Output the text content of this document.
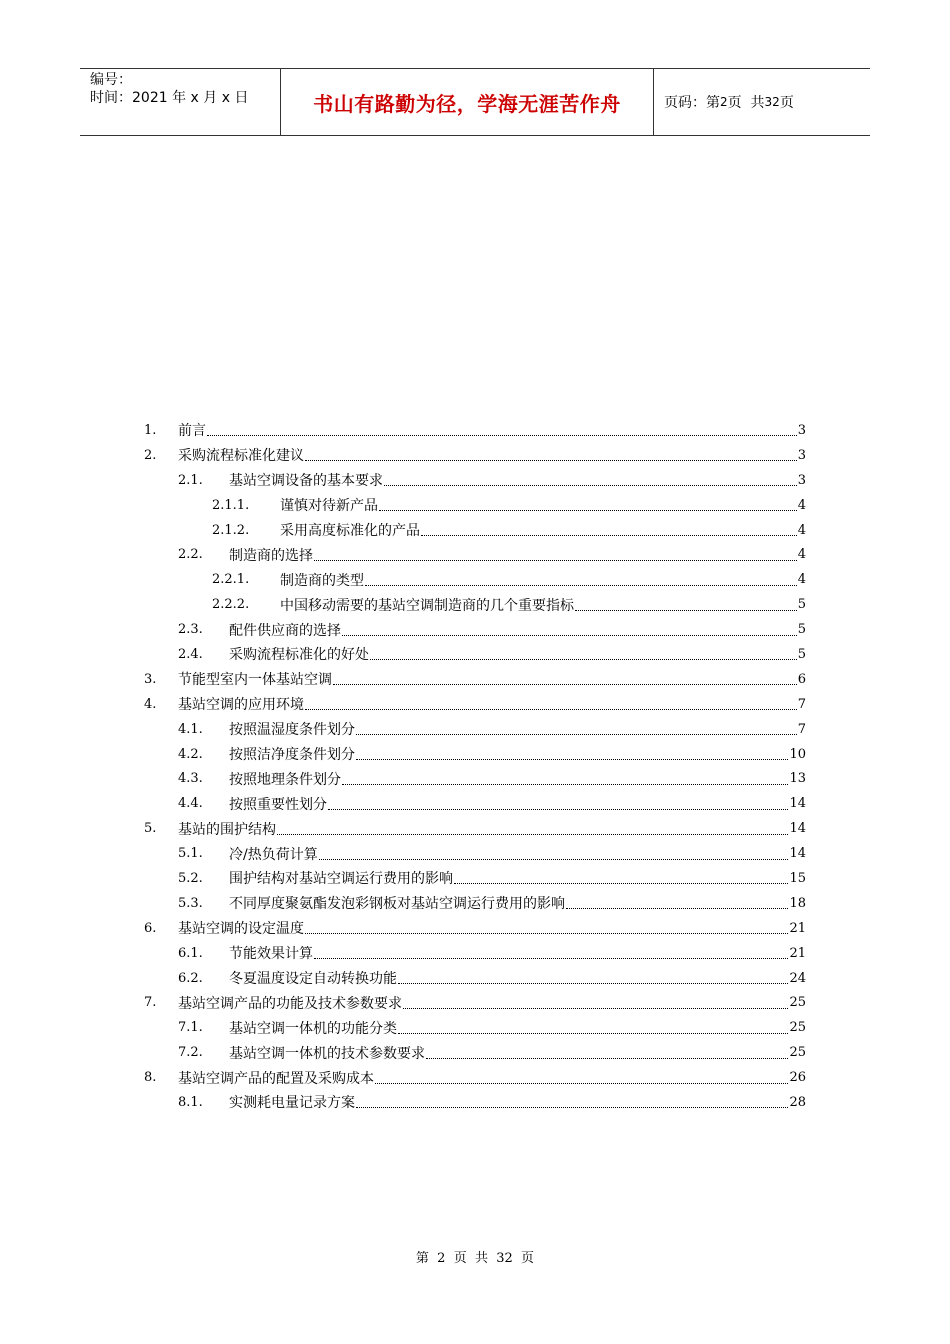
编号：
时间：2021 年 x 月 x 日	书山有路勤为径，学海无涯苦作舟	页码：第 2 页  共 32 页
1.	前言	3
2.	采购流程标准化建议	3
2.1.	基站空调设备的基本要求	3
2.1.1.	谨慎对待新产品	4
2.1.2.	采用高度标准化的产品	4
2.2.	制造商的选择	4
2.2.1.	制造商的类型	4
2.2.2.	中国移动需要的基站空调制造商的几个重要指标	5
2.3.	配件供应商的选择	5
2.4.	采购流程标准化的好处	5
3.	节能型室内一体基站空调	6
4.	基站空调的应用环境	7
4.1.	按照温湿度条件划分	7
4.2.	按照洁净度条件划分	10
4.3.	按照地理条件划分	13
4.4.	按照重要性划分	14
5.	基站的围护结构	14
5.1.	冷/热负荷计算	14
5.2.	围护结构对基站空调运行费用的影响	15
5.3.	不同厚度聚氨酯发泡彩钢板对基站空调运行费用的影响	18
6.	基站空调的设定温度	21
6.1.	节能效果计算	21
6.2.	冬夏温度设定自动转换功能	24
7.	基站空调产品的功能及技术参数要求	25
7.1.	基站空调一体机的功能分类	25
7.2.	基站空调一体机的技术参数要求	25
8.	基站空调产品的配置及采购成本	26
8.1.	实测耗电量记录方案	28
第  2  页  共  32  页
